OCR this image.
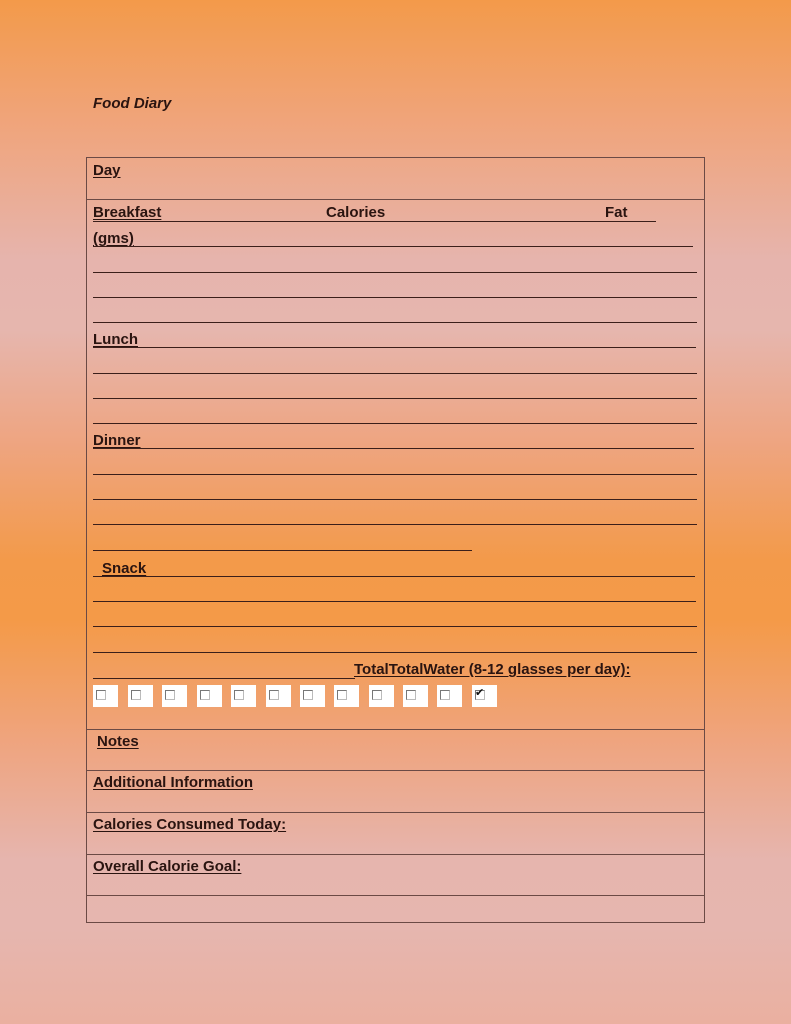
Food Diary
Day
Breakfast	Calories	Fat
(gms)
Lunch
Dinner
Snack
TotalTotalWater (8-12 glasses per day):
✔
Notes
Additional Information
Calories Consumed Today:
Overall Calorie Goal:
